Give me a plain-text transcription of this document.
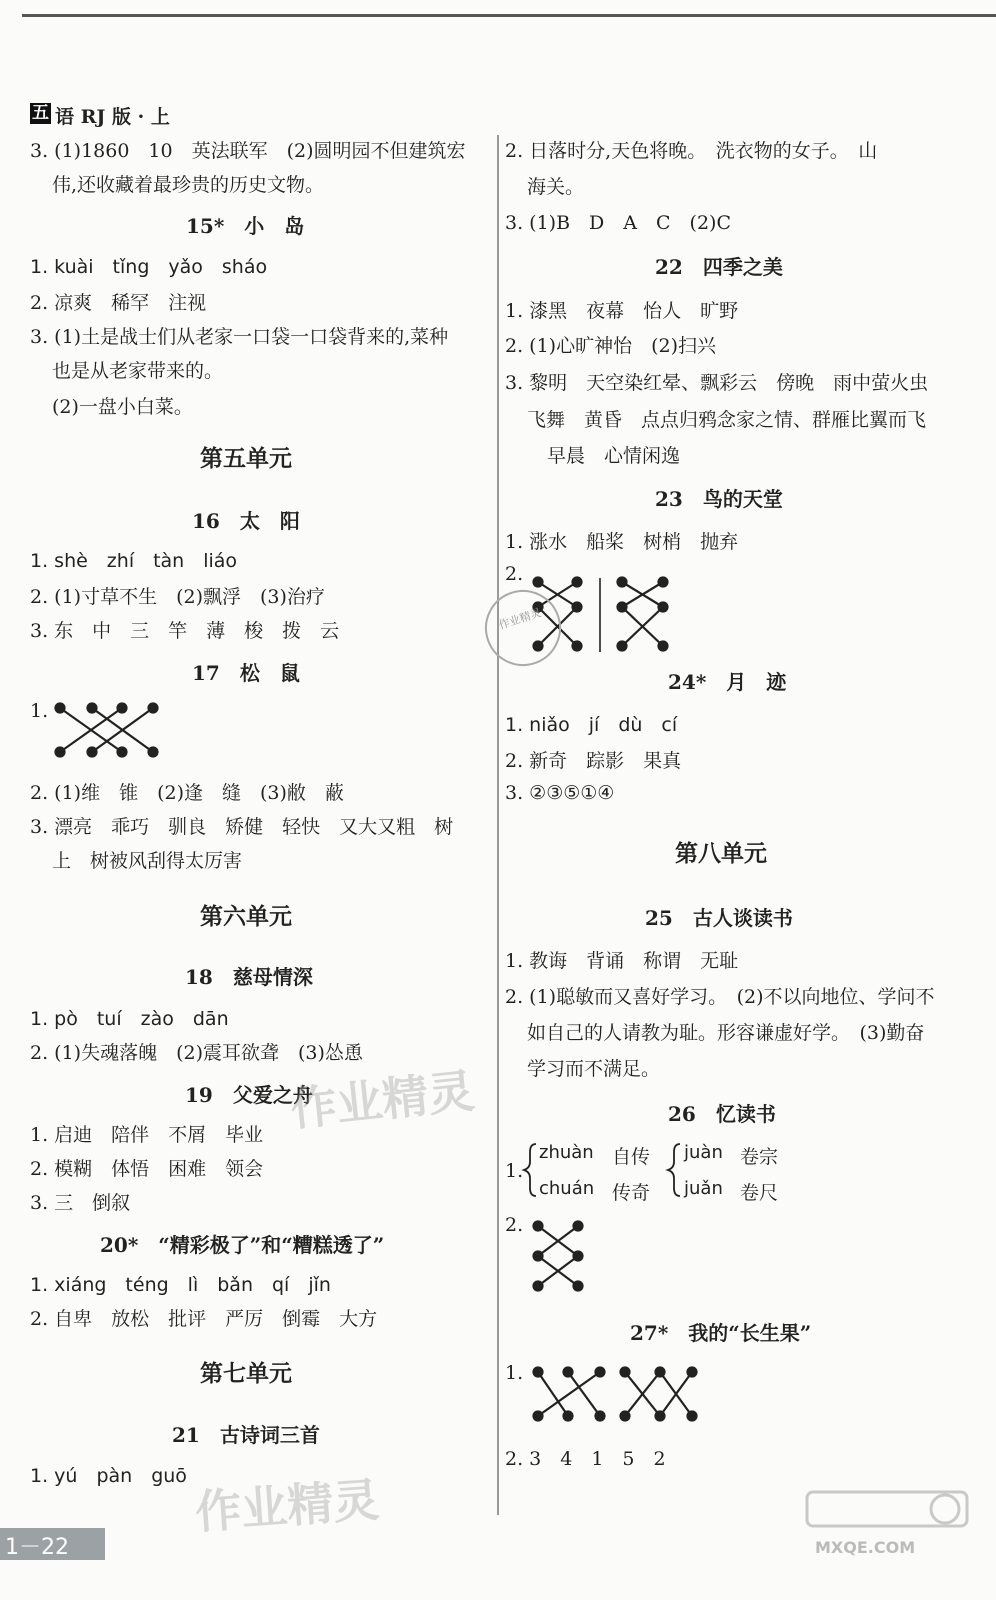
五 语 RJ 版 · 上
3. (1)1860　10　英法联军　(2)圆明园不但建筑宏
伟,还收藏着最珍贵的历史文物。
15*　小　岛
1. kuài　tǐng　yǎo　sháo
2. 凉爽　稀罕　注视
3. (1)土是战士们从老家一口袋一口袋背来的,菜种
也是从老家带来的。
(2)一盘小白菜。
第五单元
16　太　阳
1. shè　zhí　tàn　liáo
2. (1)寸草不生　(2)飘浮　(3)治疗
3. 东　中　三　竿　薄　梭　拨　云
17　松　鼠
1.
2. (1)维　锥　(2)逢　缝　(3)敝　蔽
3. 漂亮　乖巧　驯良　矫健　轻快　又大又粗　树
上　树被风刮得太厉害
第六单元
18　慈母情深
1. pò　tuí　zào　dān
2. (1)失魂落魄　(2)震耳欲聋　(3)怂恿
19　父爱之舟
1. 启迪　陪伴　不屑　毕业
2. 模糊　体悟　困难　领会
3. 三　倒叙
20*　“精彩极了”和“糟糕透了”
1. xiáng　téng　lì　bǎn　qí　jǐn
2. 自卑　放松　批评　严厉　倒霉　大方
第七单元
21　古诗词三首
1. yú　pàn　guō
2. 日落时分,天色将晚。　洗衣物的女子。　山
海关。
3. (1)B　D　A　C　(2)C
22　四季之美
1. 漆黑　夜幕　怡人　旷野
2. (1)心旷神怡　(2)扫兴
3. 黎明　天空染红晕、飘彩云　傍晚　雨中萤火虫
飞舞　黄昏　点点归鸦念家之情、群雁比翼而飞
早晨　心情闲逸
23　鸟的天堂
1. 涨水　船桨　树梢　抛弃
2.
24*　月　迹
1. niǎo　jí　dù　cí
2. 新奇　踪影　果真
3. ②③⑤①④
第八单元
25　古人谈读书
1. 教诲　背诵　称谓　无耻
2. (1)聪敏而又喜好学习。　(2)不以向地位、学问不
如自己的人请教为耻。形容谦虚好学。　(3)勤奋
学习而不满足。
26　忆读书
1.
zhuàn 自传
chuán 传奇
juàn 卷宗
juǎn 卷尺
2.
27*　我的“长生果”
1.
2. 3　4　1　5　2

作业精灵
作业精灵
作业精灵
MXQE.COM
1－22
